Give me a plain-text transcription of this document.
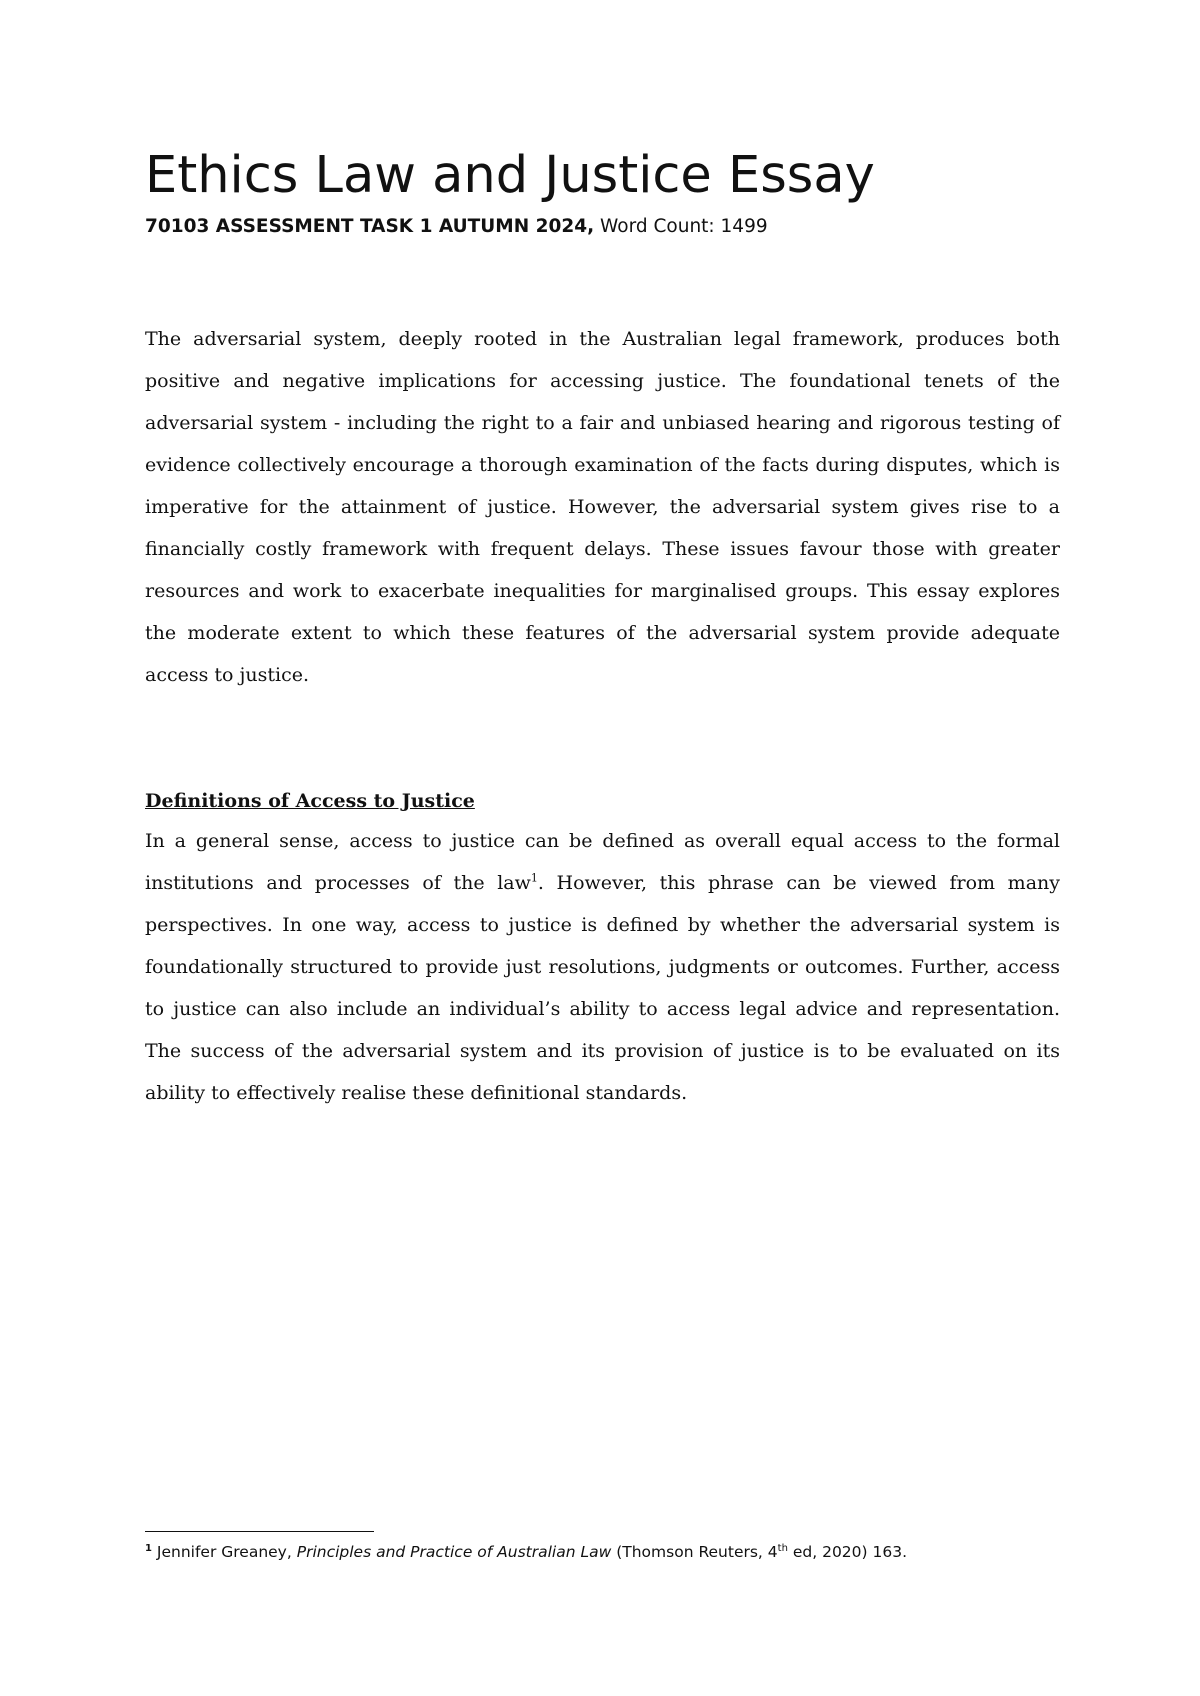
Ethics Law and Justice Essay
70103 ASSESSMENT TASK 1 AUTUMN 2024, Word Count: 1499

The adversarial system, deeply rooted in the Australian legal framework, produces both positive and negative implications for accessing justice. The foundational tenets of the adversarial system - including the right to a fair and unbiased hearing and rigorous testing of evidence collectively encourage a thorough examination of the facts during disputes, which is imperative for the attainment of justice. However, the adversarial system gives rise to a financially costly framework with frequent delays. These issues favour those with greater resources and work to exacerbate inequalities for marginalised groups. This essay explores the moderate extent to which these features of the adversarial system provide adequate access to justice.

Definitions of Access to Justice

In a general sense, access to justice can be defined as overall equal access to the formal institutions and processes of the law$^1$. However, this phrase can be viewed from many perspectives. In one way, access to justice is defined by whether the adversarial system is foundationally structured to provide just resolutions, judgments or outcomes. Further, access to justice can also include an individual’s ability to access legal advice and representation. The success of the adversarial system and its provision of justice is to be evaluated on its ability to effectively realise these definitional standards.

$^1$ Jennifer Greaney, Principles and Practice of Australian Law (Thomson Reuters, 4th ed, 2020) 163.
